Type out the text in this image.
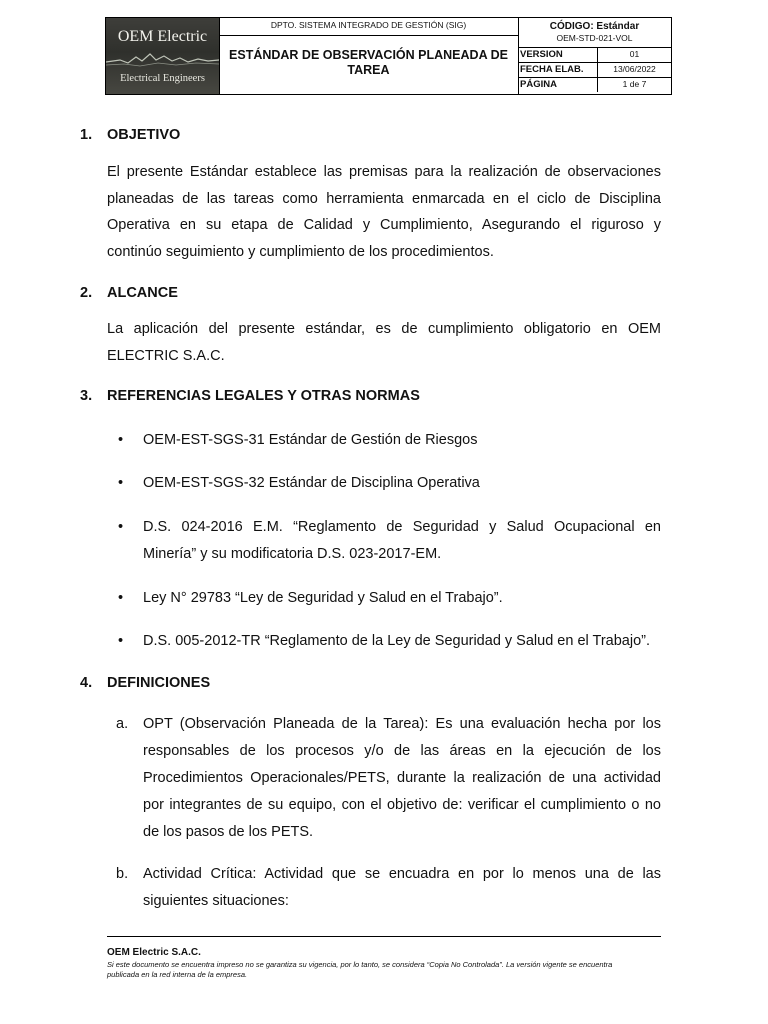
OEM Electric
Electrical Engineers
DPTO. SISTEMA INTEGRADO DE GESTIÓN (SIG)
ESTÁNDAR DE OBSERVACIÓN PLANEADA DE TAREA
CÓDIGO: Estándar
OEM-STD-021-VOL
VERSION	01
FECHA ELAB.	13/06/2022
PÁGINA	1 de 7
1. OBJETIVO
El presente Estándar establece las premisas para la realización de observaciones
planeadas de las tareas como herramienta enmarcada en el ciclo de Disciplina
Operativa en su etapa de Calidad y Cumplimiento, Asegurando el riguroso y
continúo seguimiento y cumplimiento de los procedimientos.
2. ALCANCE
La aplicación del presente estándar, es de cumplimiento obligatorio en OEM
ELECTRIC S.A.C.
3. REFERENCIAS LEGALES Y OTRAS NORMAS
• OEM-EST-SGS-31 Estándar de Gestión de Riesgos
• OEM-EST-SGS-32 Estándar de Disciplina Operativa
• D.S. 024-2016 E.M. “Reglamento de Seguridad y Salud Ocupacional en
Minería” y su modificatoria D.S. 023-2017-EM.
• Ley N° 29783 “Ley de Seguridad y Salud en el Trabajo”.
• D.S. 005-2012-TR “Reglamento de la Ley de Seguridad y Salud en el Trabajo”.
4. DEFINICIONES
a. OPT (Observación Planeada de la Tarea): Es una evaluación hecha por los
responsables de los procesos y/o de las áreas en la ejecución de los
Procedimientos Operacionales/PETS, durante la realización de una actividad
por integrantes de su equipo, con el objetivo de: verificar el cumplimiento o no
de los pasos de los PETS.
b. Actividad Crítica: Actividad que se encuadra en por lo menos una de las
siguientes situaciones:
OEM Electric S.A.C.
Si este documento se encuentra impreso no se garantiza su vigencia, por lo tanto, se considera “Copia No Controlada”. La versión vigente se encuentra
publicada en la red interna de la empresa.
